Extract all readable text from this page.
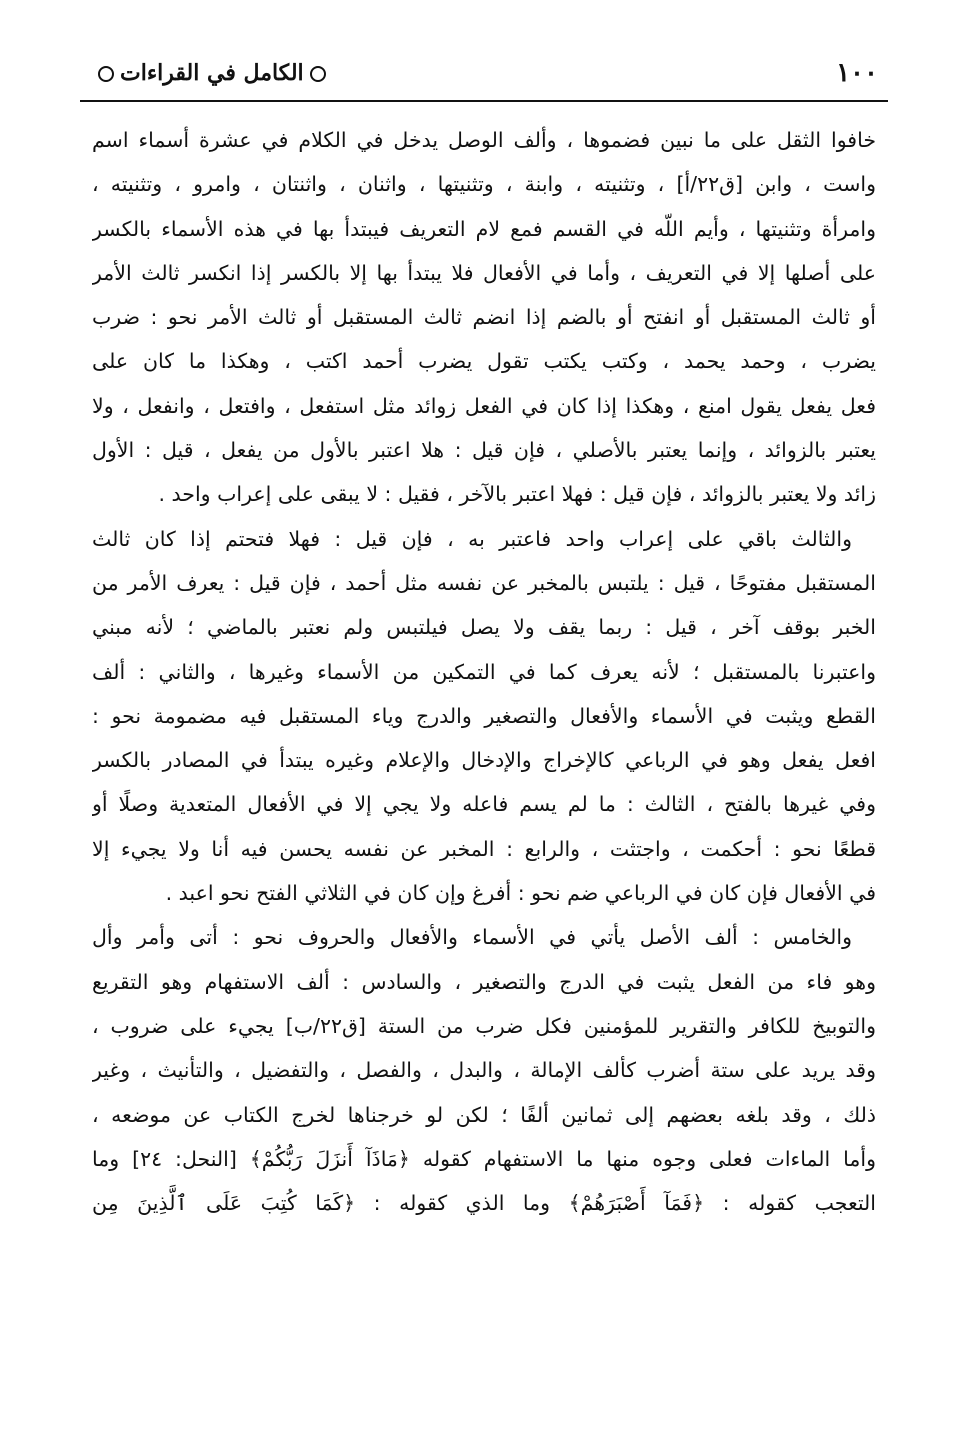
١٠٠
الكامل في القراءات
خافوا الثقل على ما نبين فضموها ، وألف الوصل يدخل في الكلام في عشرة أسماء اسم
واست ، وابن [ق٢٢/أ] ، وتثنيته ، وابنة ، وتثنيتها ، واثنان ، واثنتان ، وامرو ، وتثنيته ،
وامرأة وتثنيتها ، وأيم اللّه في القسم فمع لام التعريف فيبتدأ بها في هذه الأسماء بالكسر
على أصلها إلا في التعريف ، وأما في الأفعال فلا يبتدأ بها إلا بالكسر إذا انكسر ثالث الأمر
أو ثالث المستقبل أو انفتح أو بالضم إذا انضم ثالث المستقبل أو ثالث الأمر نحو : ضرب
يضرب ، وحمد يحمد ، وكتب يكتب تقول يضرب أحمد اكتب ، وهكذا ما كان على
فعل يفعل يقول امنع ، وهكذا إذا كان في الفعل زوائد مثل استفعل ، وافتعل ، وانفعل ، ولا
يعتبر بالزوائد ، وإنما يعتبر بالأصلي ، فإن قيل : هلا اعتبر بالأول من يفعل ، قيل : الأول
زائد ولا يعتبر بالزوائد ، فإن قيل : فهلا اعتبر بالآخر ، فقيل : لا يبقى على إعراب واحد .
والثالث باقي على إعراب واحد فاعتبر به ، فإن قيل : فهلا فتحتم إذا كان ثالث
المستقبل مفتوحًا ، قيل : يلتبس بالمخبر عن نفسه مثل أحمد ، فإن قيل : يعرف الأمر من
الخبر بوقف آخر ، قيل : ربما يقف ولا يصل فيلتبس ولم نعتبر بالماضي ؛ لأنه مبني
واعتبرنا بالمستقبل ؛ لأنه يعرف كما في التمكين من الأسماء وغيرها ، والثاني : ألف
القطع ويثبت في الأسماء والأفعال والتصغير والدرج وياء المستقبل فيه مضمومة نحو :
افعل يفعل وهو في الرباعي كالإخراج والإدخال والإعلام وغيره يبتدأ في المصادر بالكسر
وفي غيرها بالفتح ، الثالث : ما لم يسم فاعله ولا يجي إلا في الأفعال المتعدية وصلًا أو
قطعًا نحو : أحكمت ، واجتثت ، والرابع : المخبر عن نفسه يحسن فيه أنا ولا يجيء إلا
في الأفعال فإن كان في الرباعي ضم نحو : أفرغ وإن كان في الثلاثي الفتح نحو اعبد .
والخامس : ألف الأصل يأتي في الأسماء والأفعال والحروف نحو : أتى وأمر وأل
وهو فاء من الفعل يثبت في الدرج والتصغير ، والسادس : ألف الاستفهام وهو التقريع
والتوبيخ للكافر والتقرير للمؤمنين فكل ضرب من الستة [ق٢٢/ب] يجيء على ضروب ،
وقد يريد على ستة أضرب كألف الإمالة ، والبدل ، والفصل ، والتفضيل ، والتأنيث ، وغير
ذلك ، وقد بلغه بعضهم إلى ثمانين ألفًا ؛ لكن لو خرجناها لخرج الكتاب عن موضعه ،
وأما الماءات فعلى وجوه منها ما الاستفهام كقوله ﴿مَاذَآ أَنزَلَ رَبُّكُمْ﴾ [النحل: ٢٤] وما
التعجب كقوله : ﴿فَمَآ أَصْبَرَهُمْ﴾ وما الذي كقوله : ﴿كَمَا كُتِبَ عَلَى ٱلَّذِينَ مِن
